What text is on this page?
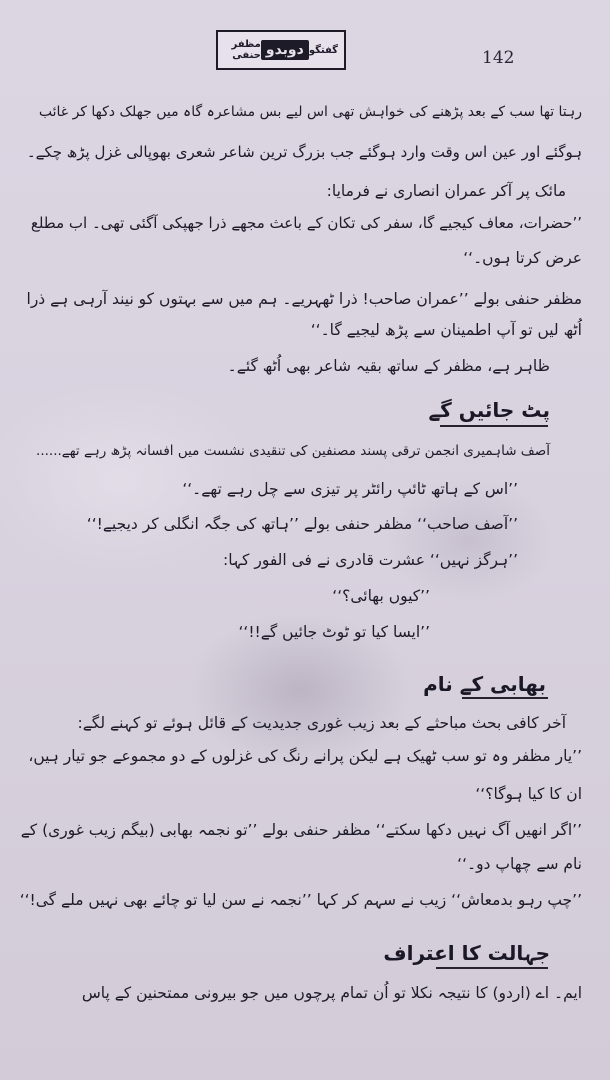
گفتگو
دوبدو
مظفر حنفی	142
رہتا تھا سب کے بعد پڑھنے کی خواہش تھی اس لیے بس مشاعرہ گاہ میں جھلک دکھا کر غائب
ہوگئے اور عین اس وقت وارد ہوگئے جب بزرگ ترین شاعر شعری بھوپالی غزل پڑھ چکے۔
مائک پر آکر عمران انصاری نے فرمایا:
’’حضرات، معاف کیجیے گا، سفر کی تکان کے باعث مجھے ذرا جھپکی آگئی تھی۔ اب مطلع
عرض کرتا ہوں۔‘‘
مظفر حنفی بولے ’’عمران صاحب! ذرا ٹھہریے۔ ہم میں سے بہتوں کو نیند آرہی ہے ذرا
اُٹھ لیں تو آپ اطمینان سے پڑھ لیجیے گا۔‘‘
ظاہر ہے، مظفر کے ساتھ بقیہ شاعر بھی اُٹھ گئے۔
پٹ جائیں گے
آصف شاہمیری انجمن ترقی پسند مصنفین کی تنقیدی نشست میں افسانہ پڑھ رہے تھے......
’’اس کے ہاتھ ٹائپ رائٹر پر تیزی سے چل رہے تھے۔‘‘
’’آصف صاحب‘‘ مظفر حنفی بولے ’’ہاتھ کی جگہ انگلی کر دیجیے!‘‘
’’ہرگز نہیں‘‘ عشرت قادری نے فی الفور کہا:
’’کیوں بھائی؟‘‘
’’ایسا کیا تو ٹوٹ جائیں گے!!‘‘
بھابی کے نام
آخر کافی بحث مباحثے کے بعد زیب غوری جدیدیت کے قائل ہوئے تو کہنے لگے:
’’یار مظفر وہ تو سب ٹھیک ہے لیکن پرانے رنگ کی غزلوں کے دو مجموعے جو تیار ہیں،
ان کا کیا ہوگا؟‘‘
’’اگر انھیں آگ نہیں دکھا سکتے‘‘ مظفر حنفی بولے ’’تو نجمہ بھابی (بیگم زیب غوری) کے
نام سے چھاپ دو۔‘‘
’’چپ رہو بدمعاش‘‘ زیب نے سہم کر کہا ’’نجمہ نے سن لیا تو چائے بھی نہیں ملے گی!‘‘
جہالت کا اعتراف
ایم۔ اے (اردو) کا نتیجہ نکلا تو اُن تمام پرچوں میں جو بیرونی ممتحنین کے پاس
